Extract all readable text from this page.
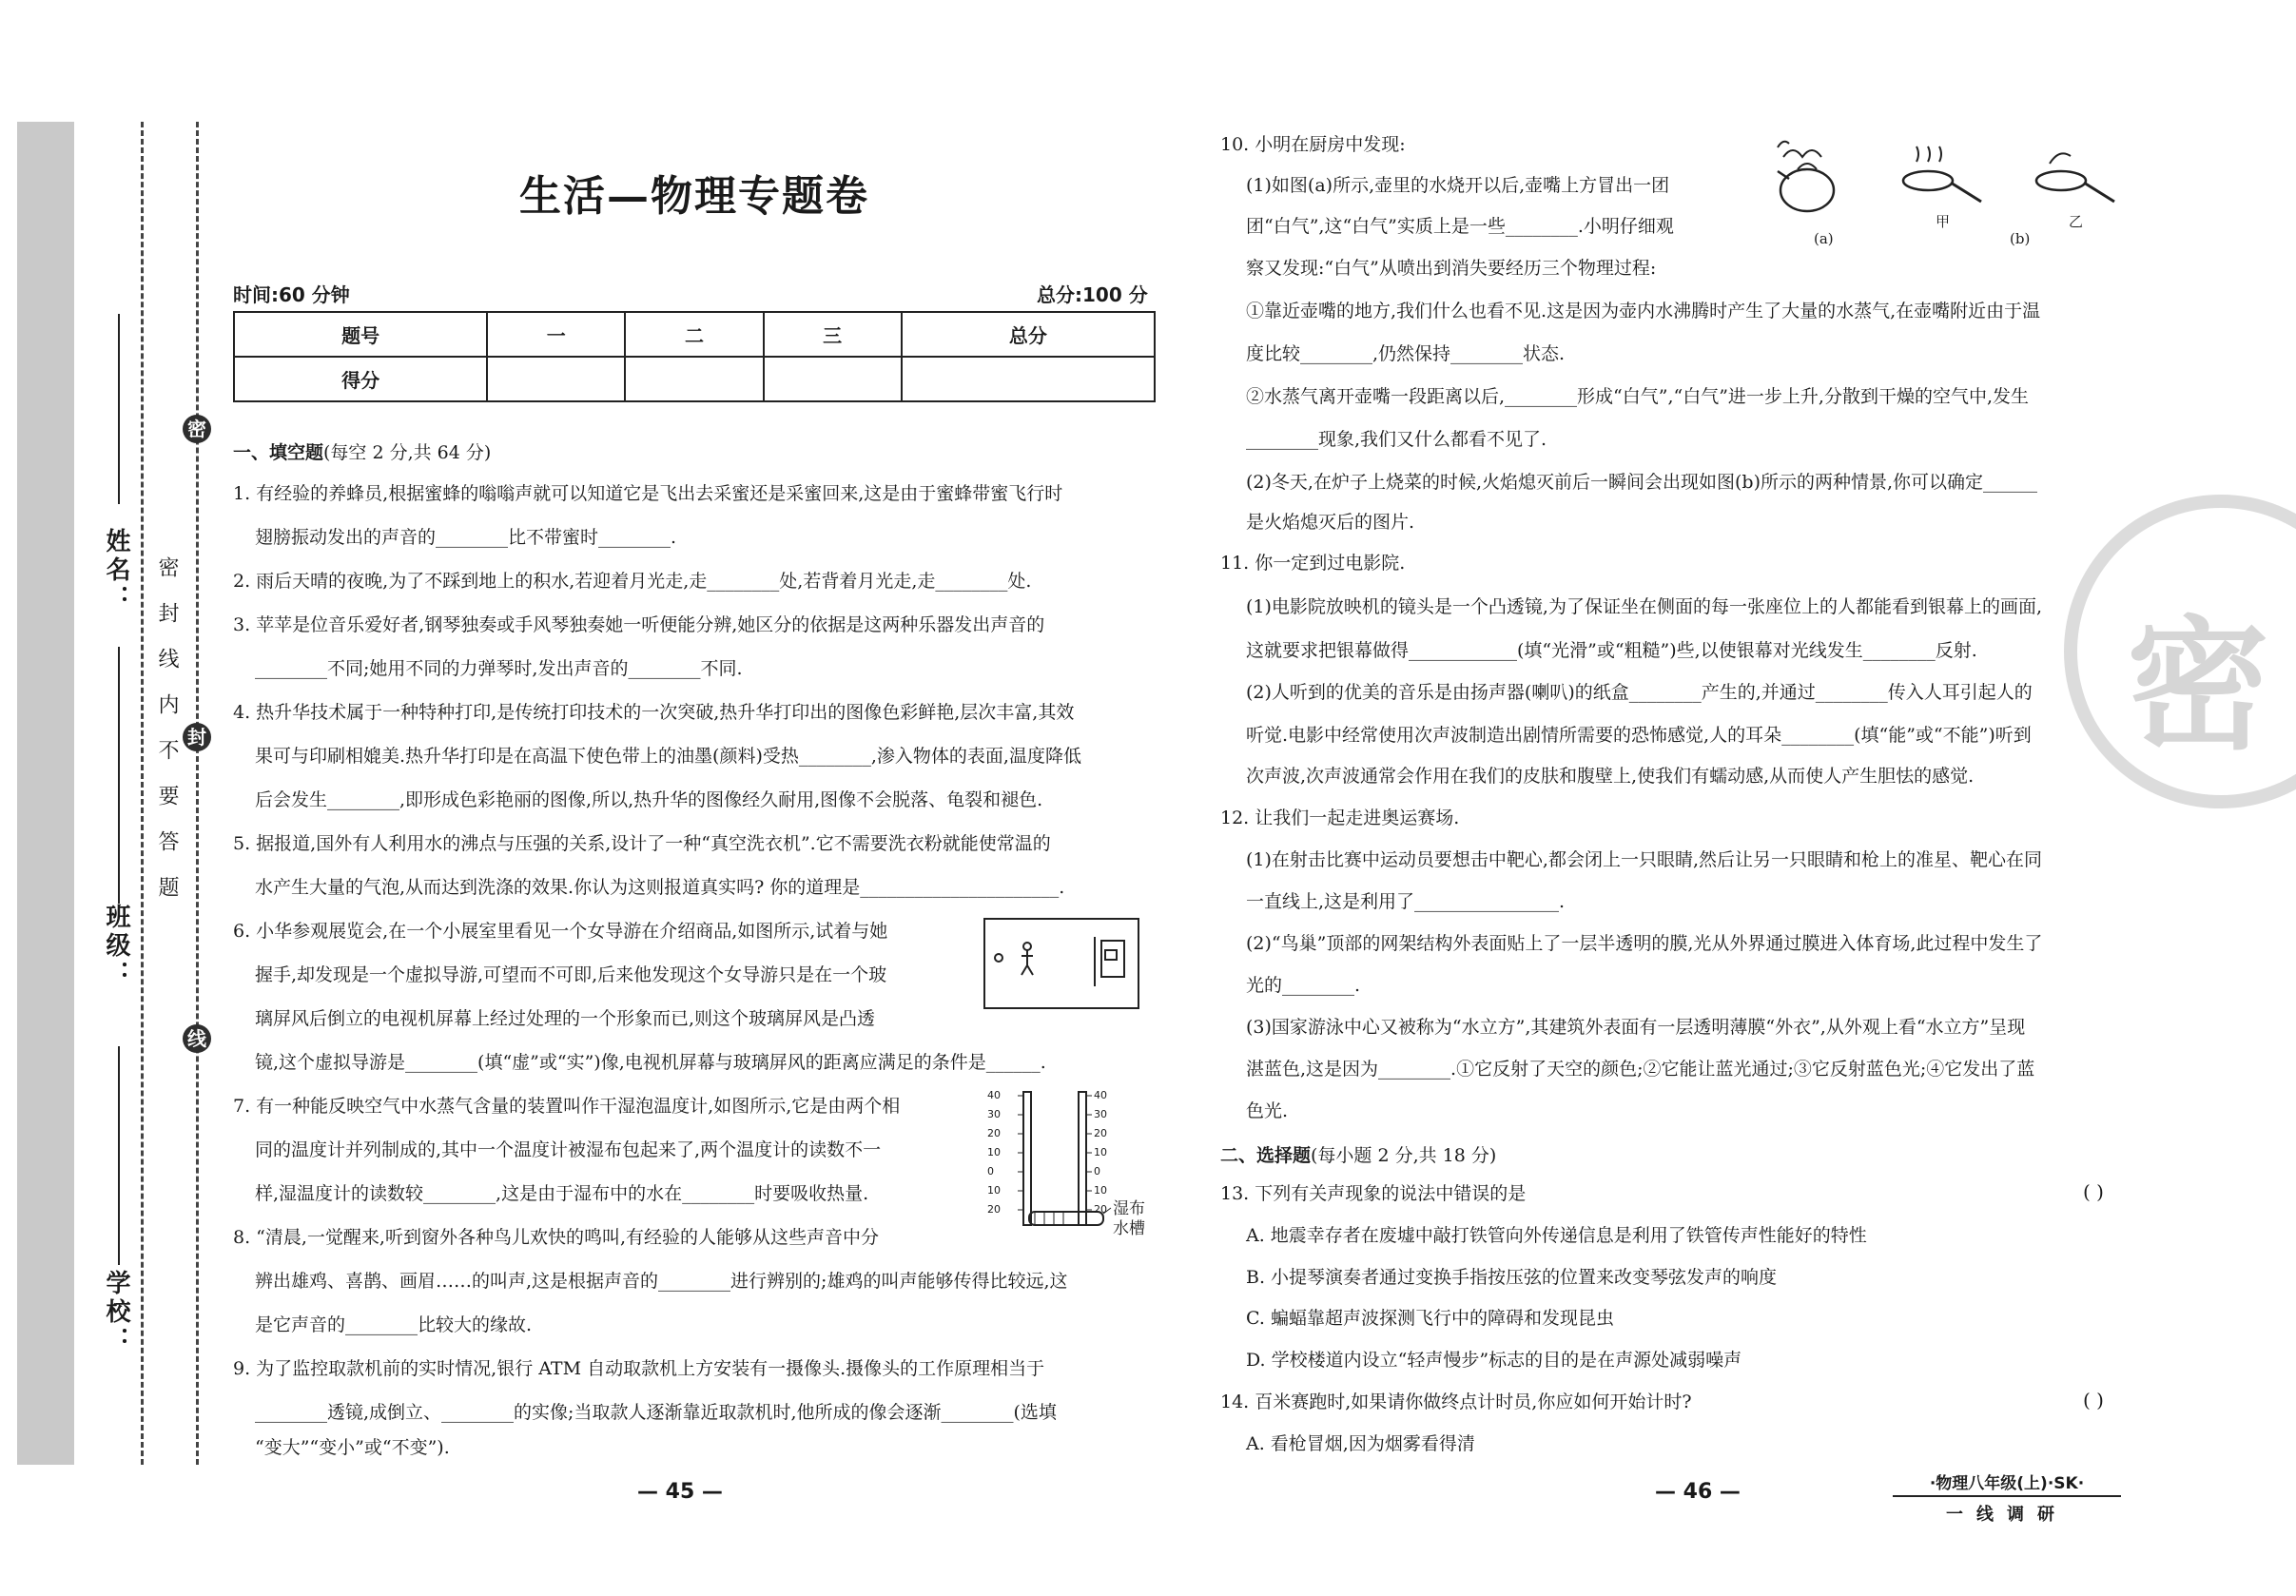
密
封
线
密封线内不要答题
姓名：
班级：
学校：
生活—物理专题卷
时间:60 分钟	总分:100 分
题号	一	二	三	总分
得分				
一、填空题(每空 2 分,共 64 分)
1. 有经验的养蜂员,根据蜜蜂的嗡嗡声就可以知道它是飞出去采蜜还是采蜜回来,这是由于蜜蜂带蜜飞行时
翅膀振动发出的声音的________比不带蜜时________.
2. 雨后天晴的夜晚,为了不踩到地上的积水,若迎着月光走,走________处,若背着月光走,走________处.
3. 苹苹是位音乐爱好者,钢琴独奏或手风琴独奏她一听便能分辨,她区分的依据是这两种乐器发出声音的
________不同;她用不同的力弹琴时,发出声音的________不同.
4. 热升华技术属于一种特种打印,是传统打印技术的一次突破,热升华打印出的图像色彩鲜艳,层次丰富,其效
果可与印刷相媲美.热升华打印是在高温下使色带上的油墨(颜料)受热________,渗入物体的表面,温度降低
后会发生________,即形成色彩艳丽的图像,所以,热升华的图像经久耐用,图像不会脱落、龟裂和褪色.
5. 据报道,国外有人利用水的沸点与压强的关系,设计了一种“真空洗衣机”.它不需要洗衣粉就能使常温的
水产生大量的气泡,从而达到洗涤的效果.你认为这则报道真实吗? 你的道理是______________________.
6. 小华参观展览会,在一个小展室里看见一个女导游在介绍商品,如图所示,试着与她
握手,却发现是一个虚拟导游,可望而不可即,后来他发现这个女导游只是在一个玻
璃屏风后倒立的电视机屏幕上经过处理的一个形象而已,则这个玻璃屏风是凸透
镜,这个虚拟导游是________(填“虚”或“实”)像,电视机屏幕与玻璃屏风的距离应满足的条件是______.
7. 有一种能反映空气中水蒸气含量的装置叫作干湿泡温度计,如图所示,它是由两个相
同的温度计并列制成的,其中一个温度计被湿布包起来了,两个温度计的读数不一
样,湿温度计的读数较________,这是由于湿布中的水在________时要吸收热量.
8. “清晨,一觉醒来,听到窗外各种鸟儿欢快的鸣叫,有经验的人能够从这些声音中分
辨出雄鸡、喜鹊、画眉……的叫声,这是根据声音的________进行辨别的;雄鸡的叫声能够传得比较远,这
是它声音的________比较大的缘故.
9. 为了监控取款机前的实时情况,银行 ATM 自动取款机上方安装有一摄像头.摄像头的工作原理相当于
________透镜,成倒立、________的实像;当取款人逐渐靠近取款机时,他所成的像会逐渐________(选填
“变大”“变小”或“不变”).
40
30
20
10
0
10
20
40
30
20
10
0
10
20 湿布
水槽
— 45 —
密
(a)
甲
(b)
乙
10. 小明在厨房中发现:
(1)如图(a)所示,壶里的水烧开以后,壶嘴上方冒出一团
团“白气”,这“白气”实质上是一些________.小明仔细观
察又发现:“白气”从喷出到消失要经历三个物理过程:
①靠近壶嘴的地方,我们什么也看不见.这是因为壶内水沸腾时产生了大量的水蒸气,在壶嘴附近由于温
度比较________,仍然保持________状态.
②水蒸气离开壶嘴一段距离以后,________形成“白气”,“白气”进一步上升,分散到干燥的空气中,发生
________现象,我们又什么都看不见了.
(2)冬天,在炉子上烧菜的时候,火焰熄灭前后一瞬间会出现如图(b)所示的两种情景,你可以确定______
是火焰熄灭后的图片.
11. 你一定到过电影院.
(1)电影院放映机的镜头是一个凸透镜,为了保证坐在侧面的每一张座位上的人都能看到银幕上的画面,
这就要求把银幕做得____________(填“光滑”或“粗糙”)些,以使银幕对光线发生________反射.
(2)人听到的优美的音乐是由扬声器(喇叭)的纸盒________产生的,并通过________传入人耳引起人的
听觉.电影中经常使用次声波制造出剧情所需要的恐怖感觉,人的耳朵________(填“能”或“不能”)听到
次声波,次声波通常会作用在我们的皮肤和腹壁上,使我们有蠕动感,从而使人产生胆怯的感觉.
12. 让我们一起走进奥运赛场.
(1)在射击比赛中运动员要想击中靶心,都会闭上一只眼睛,然后让另一只眼睛和枪上的准星、靶心在同
一直线上,这是利用了________________.
(2)“鸟巢”顶部的网架结构外表面贴上了一层半透明的膜,光从外界通过膜进入体育场,此过程中发生了
光的________.
(3)国家游泳中心又被称为“水立方”,其建筑外表面有一层透明薄膜“外衣”,从外观上看“水立方”呈现
湛蓝色,这是因为________.①它反射了天空的颜色;②它能让蓝光通过;③它反射蓝色光;④它发出了蓝
色光.
二、选择题(每小题 2 分,共 18 分)
13. 下列有关声现象的说法中错误的是	( )
A. 地震幸存者在废墟中敲打铁管向外传递信息是利用了铁管传声性能好的特性
B. 小提琴演奏者通过变换手指按压弦的位置来改变琴弦发声的响度
C. 蝙蝠靠超声波探测飞行中的障碍和发现昆虫
D. 学校楼道内设立“轻声慢步”标志的目的是在声源处减弱噪声
14. 百米赛跑时,如果请你做终点计时员,你应如何开始计时?	( )
A. 看枪冒烟,因为烟雾看得清
— 46 —	·物理八年级(上)·SK·
一线调研
